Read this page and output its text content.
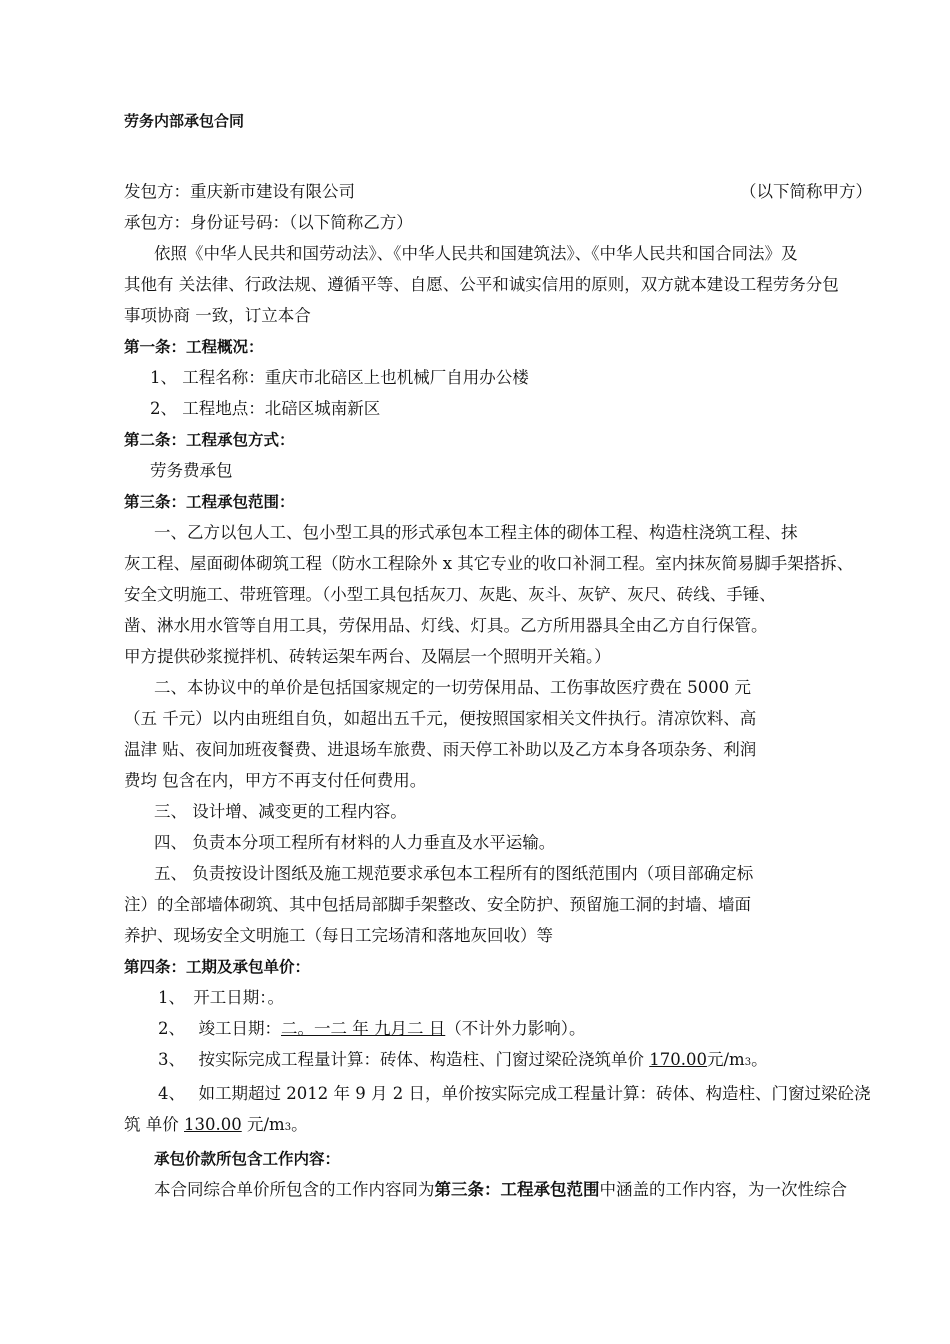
劳务内部承包合同
发包方：重庆新市建设有限公司	（以下简称甲方）

承包方：身份证号码：（以下简称乙方）

依照《中华人民共和国劳动法》、《中华人民共和国建筑法》、《中华人民共和国合同法》及

其他有 关法律、行政法规、遵循平等、自愿、公平和诚实信用的原则，双方就本建设工程劳务分包

事项协商 一致，订立本合

第一条：工程概况：

1、 工程名称：重庆市北碚区上也机械厂自用办公楼

2、 工程地点：北碚区城南新区

第二条：工程承包方式：

劳务费承包

第三条：工程承包范围：

一、乙方以包人工、包小型工具的形式承包本工程主体的砌体工程、构造柱浇筑工程、抹

灰工程、屋面砌体砌筑工程（防水工程除外 x 其它专业的收口补洞工程。室内抹灰简易脚手架搭拆、

安全文明施工、带班管理。（小型工具包括灰刀、灰匙、灰斗、灰铲、灰尺、砖线、手锤、

凿、淋水用水管等自用工具，劳保用品、灯线、灯具。乙方所用器具全由乙方自行保管。

甲方提供砂浆搅拌机、砖转运架车两台、及隔层一个照明开关箱。）

二、本协议中的单价是包括国家规定的一切劳保用品、工伤事故医疗费在 5000 元

（五 千元）以内由班组自负，如超出五千元，便按照国家相关文件执行。清凉饮料、高

温津 贴、夜间加班夜餐费、进退场车旅费、雨天停工补助以及乙方本身各项杂务、利润

费均 包含在内，甲方不再支付任何费用。

三、 设计增、减变更的工程内容。

四、 负责本分项工程所有材料的人力垂直及水平运输。

五、 负责按设计图纸及施工规范要求承包本工程所有的图纸范围内（项目部确定标

注）的全部墙体砌筑、其中包括局部脚手架整改、安全防护、预留施工洞的封墙、墙面

养护、现场安全文明施工（每日工完场清和落地灰回收）等

第四条：工期及承包单价：

1、　开工日期：。

2、　 竣工日期：二。一二 年 九月二 日（不计外力影响）。

3、　 按实际完成工程量计算：砖体、构造柱、门窗过梁砼浇筑单价 170.00元/m3。

4、　 如工期超过 2012 年 9 月 2 日，单价按实际完成工程量计算：砖体、构造柱、门窗过梁砼浇

筑 单价 130.00 元/m3。

承包价款所包含工作内容：

本合同综合单价所包含的工作内容同为第三条：工程承包范围中涵盖的工作内容，为一次性综合
